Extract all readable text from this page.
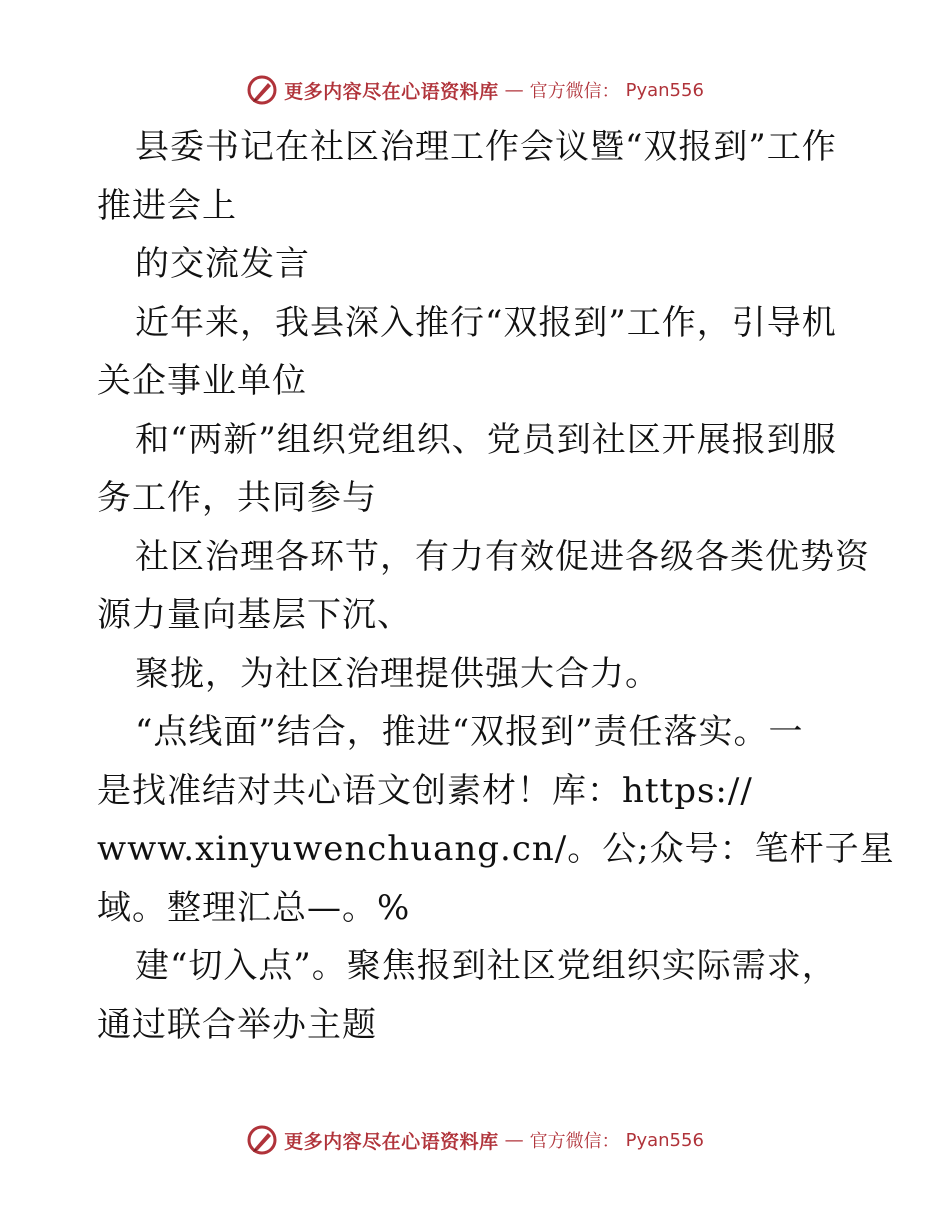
更多内容尽在心语资料库 — 官方微信： Pyan556
县委书记在社区治理工作会议暨“双报到”工作
推进会上
的交流发言
近年来，我县深入推行“双报到”工作，引导机
关企事业单位
和“两新”组织党组织、党员到社区开展报到服
务工作，共同参与
社区治理各环节，有力有效促进各级各类优势资
源力量向基层下沉、
聚拢，为社区治理提供强大合力。
“点线面”结合，推进“双报到”责任落实。一
是找准结对共心语文创素材！库：https://
www.xinyuwenchuang.cn/。公;众号：笔杆子星
域。整理汇总—。%
建“切入点”。聚焦报到社区党组织实际需求，
通过联合举办主题
更多内容尽在心语资料库 — 官方微信： Pyan556
